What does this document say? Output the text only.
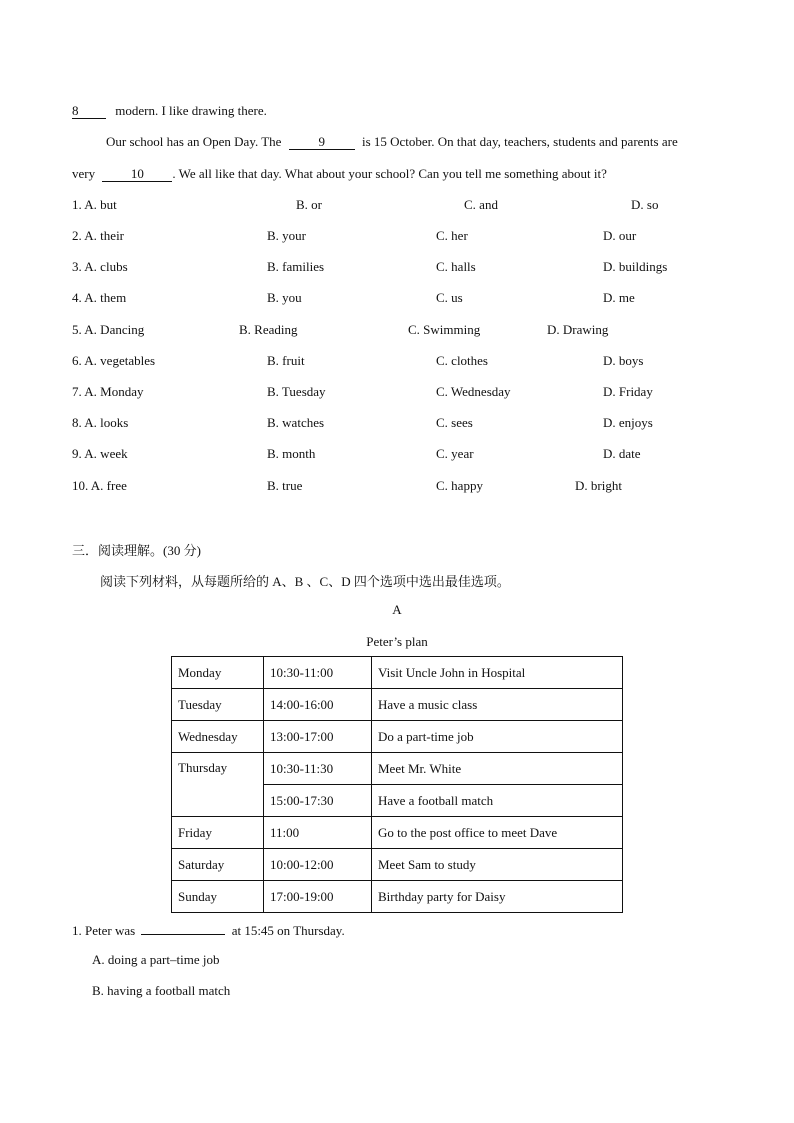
8	modern. I like drawing there.
Our school has an Open Day. The	9	is 15 October. On that day, teachers, students and parents are
very	10 . We all like that day. What about your school? Can you tell me something about it?
1. A. but	B. or	C. and	D. so
2. A. their	B. your	C. her	D. our
3. A. clubs	B. families	C. halls	D. buildings
4. A. them	B. you	C. us	D. me
5. A. Dancing	B. Reading	C. Swimming	D. Drawing
6. A. vegetables	B. fruit	C. clothes	D. boys
7. A. Monday	B. Tuesday	C. Wednesday	D. Friday
8. A. looks	B. watches	C. sees	D. enjoys
9. A. week	B. month	C. year	D. date
10. A. free	B. true	C. happy	D. bright
三．阅读理解。(30 分)
阅读下列材料，从每题所给的 A、B 、C、D 四个选项中选出最佳选项。
A
Peter’s plan
Monday	10:30-11:00	Visit Uncle John in Hospital
Tuesday	14:00-16:00	Have a music class
Wednesday	13:00-17:00	Do a part-time job
Thursday	10:30-11:30	Meet Mr. White
	15:00-17:30	Have a football match
Friday	11:00	Go to the post office to meet Dave
Saturday	10:00-12:00	Meet Sam to study
Sunday	17:00-19:00	Birthday party for Daisy
1. Peter was	at 15:45 on Thursday.
A. doing a part–time job
B. having a football match
